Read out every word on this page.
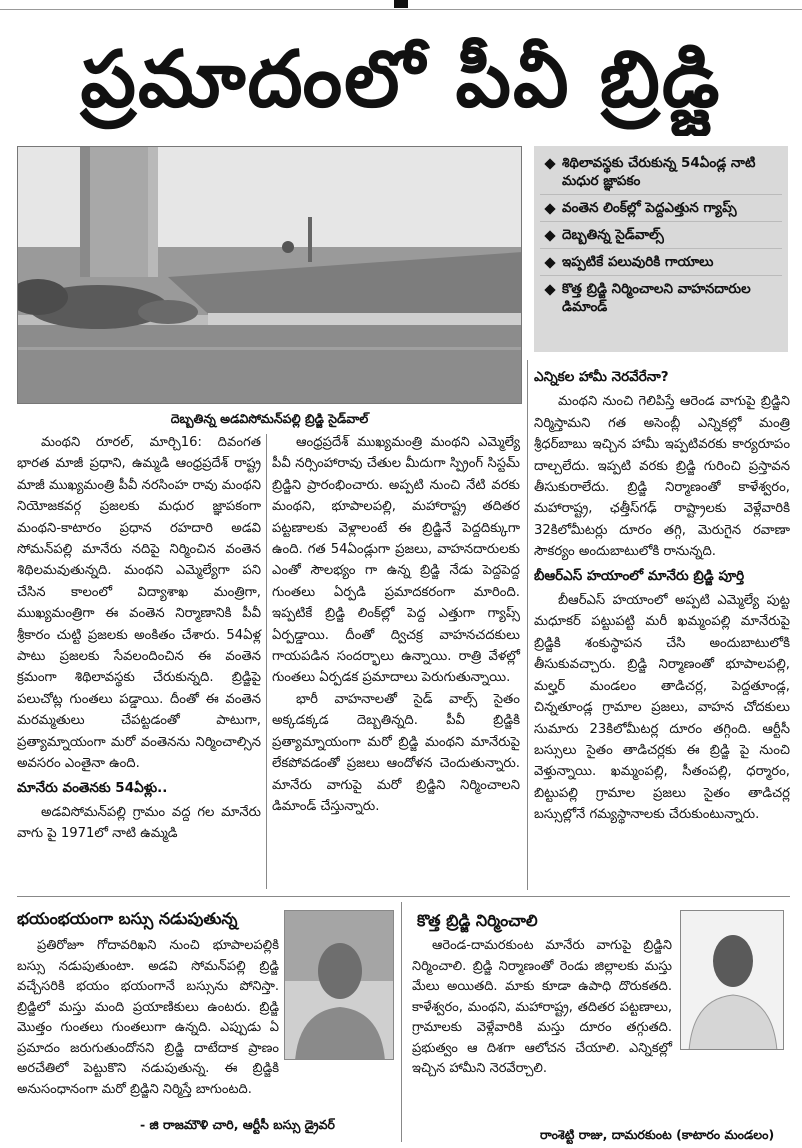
ప్రమాదంలో పీవీ బ్రిడ్జి
దెబ్బతిన్న అడవిసోమన్‌పల్లి బ్రిడ్జి సైడ్‌వాల్
శిథిలావస్థకు చేరుకున్న 54ఏండ్ల నాటి మధుర జ్ఞాపకం
వంతెన లింక్‌ల్లో పెద్దఎత్తున గ్యాప్స్
దెబ్బతిన్న సైడ్‌వాల్స్
ఇప్పటికే పలువురికి గాయాలు
కొత్త బ్రిడ్జి నిర్మించాలని వాహనదారుల డిమాండ్

మంథని రూరల్, మార్చి16: దివంగత భారత మాజీ ప్రధాని, ఉమ్మడి ఆంధ్రప్రదేశ్ రాష్ట్ర మాజీ ముఖ్యమంత్రి పీవీ నరసింహ రావు మంథని నియోజకవర్గ ప్రజలకు మధుర జ్ఞాపకంగా మంథని-కాటారం ప్రధాన రహదారి అడవి సోమన్‌పల్లి మానేరు నదిపై నిర్మించిన వంతెన శిథిలమవుతున్నది. మంథని ఎమ్మెల్యేగా పని చేసిన కాలంలో విద్యాశాఖ మంత్రిగా, ముఖ్యమంత్రిగా ఈ వంతెన నిర్మాణానికి పీవీ శ్రీకారం చుట్టి ప్రజలకు అంకితం చేశారు. 54ఏళ్ల పాటు ప్రజలకు సేవలందించిన ఈ వంతెన క్రమంగా శిథిలావస్థకు చేరుకున్నది. బ్రిడ్జిపై పలుచోట్ల గుంతలు పడ్డాయి. దీంతో ఈ వంతెన మరమ్మతులు చేపట్టడంతో పాటుగా, ప్రత్యామ్నాయంగా మరో వంతెనను నిర్మించాల్సిన అవసరం ఎంతైనా ఉంది.

మానేరు వంతెనకు 54ఏళ్లు..

అడవిసోమన్‌పల్లి గ్రామం వద్ద గల మానేరు వాగు పై 1971లో నాటి ఉమ్మడి

ఆంధ్రప్రదేశ్ ముఖ్యమంత్రి మంథని ఎమ్మెల్యే పీవీ నర్సింహారావు చేతుల మీదుగా స్ప్రింగ్ సిస్టమ్ బ్రిడ్జిని ప్రారంభించారు. అప్పటి నుంచి నేటి వరకు మంథని, భూపాలపల్లి, మహారాష్ట్ర తదితర పట్టణాలకు వెళ్లాలంటే ఈ బ్రిడ్జినే పెద్దదిక్కుగా ఉంది. గత 54ఏండ్లుగా ప్రజలు, వాహనదారులకు ఎంతో సౌలభ్యం గా ఉన్న బ్రిడ్జి నేడు పెద్దపెద్ద గుంతలు ఏర్పడి ప్రమాదకరంగా మారింది. ఇప్పటికే బ్రిడ్జి లింక్‌ల్లో పెద్ద ఎత్తుగా గ్యాప్స్ ఏర్పడ్డాయి. దీంతో ద్విచక్ర వాహనచదకులు గాయపడిన సందర్భాలు ఉన్నాయి. రాత్రి వేళల్లో గుంతలు ఏర్పడక ప్రమాదాలు పెరుగుతున్నాయి.

భారీ వాహనాలతో సైడ్ వాల్స్ సైతం అక్కడక్కడ దెబ్బతిన్నది. పీవీ బ్రిడ్జికి ప్రత్యామ్నాయంగా మరో బ్రిడ్జి మంథని మానేరుపై లేకపోవడంతో ప్రజలు ఆందోళన చెందుతున్నారు. మానేరు వాగుపై మరో బ్రిడ్జిని నిర్మించాలని డిమాండ్ చేస్తున్నారు.

ఎన్నికల హామీ నెరవేరేనా?

మంథని నుంచి గెలిపిస్తే ఆరెండ వాగుపై బ్రిడ్జిని నిర్మిస్తామని గత అసెంబ్లీ ఎన్నికల్లో మంత్రి శ్రీధర్‌బాబు ఇచ్చిన హామీ ఇప్పటివరకు కార్యరూపం దాల్చలేదు. ఇప్పటి వరకు బ్రిడ్జి గురించి ప్రస్తావన తీసుకురాలేదు. బ్రిడ్జి నిర్మాణంతో కాళేశ్వరం, మహారాష్ట్ర, ఛత్తీస్‌గఢ్ రాష్ట్రాలకు వెళ్లేవారికి 32కిలోమీటర్లు దూరం తగ్గి, మెరుగైన రవాణా సౌకర్యం అందుబాటులోకి రానున్నది.

బీఆర్ఎస్ హయాంలో మానేరు బ్రిడ్జి పూర్తి

బీఆర్ఎస్ హయాంలో అప్పటి ఎమ్మెల్యే పుట్ట మధూకర్ పట్టుపట్టి మరీ ఖమ్మంపల్లి మానేరుపై బ్రిడ్జికి శంకుస్థాపన చేసి అందుబాటులోకి తీసుకువచ్చారు. బ్రిడ్జి నిర్మాణంతో భూపాలపల్లి, మల్హర్ మండలం తాడిచర్ల, పెద్దతూండ్ల, చిన్నతూండ్ల గ్రామాల ప్రజలు, వాహన చోదకులు సుమారు 23కిలోమీటర్ల దూరం తగ్గింది. ఆర్టీసీ బస్సులు సైతం తాడిచర్లకు ఈ బ్రిడ్జి పై నుంచి వెళ్తున్నాయి. ఖమ్మంపల్లి, సీతంపల్లి, ధర్మారం, బిట్టుపల్లి గ్రామాల ప్రజలు సైతం తాడిచర్ల బస్సుల్లోనే గమ్యస్థానాలకు చేరుకుంటున్నారు.

భయంభయంగా బస్సు నడుపుతున్న

ప్రతిరోజూ గోదావరిఖని నుంచి భూపాలపల్లికి బస్సు నడుపుతుంటా. అడవి సోమన్‌పల్లి బ్రిడ్జి వచ్చేసరికి భయం భయంగానే బస్సును పోనిస్తా. బ్రిడ్జిలో మస్తు మంది ప్రయాణికులు ఉంటరు. బ్రిడ్జి మొత్తం గుంతలు గుంతలుగా ఉన్నది. ఎప్పుడు ఏ ప్రమాదం జరుగుతుందోనని బ్రిడ్జి దాటేదాక ప్రాణం అరచేతిలో పెట్టుకొని నడుపుతున్న. ఈ బ్రిడ్జికి అనుసంధానంగా మరో బ్రిడ్జిని నిర్మిస్తే బాగుంటది.

- జి రాజమౌళి చారి, ఆర్టీసీ బస్సు డ్రైవర్
కొత్త బ్రిడ్జి నిర్మించాలి

ఆరెండ-దామరకుంట మానేరు వాగుపై బ్రిడ్జిని నిర్మించాలి. బ్రిడ్జి నిర్మాణంతో రెండు జిల్లాలకు మస్తు మేలు అయితది. మాకు కూడా ఉపాధి దొరుకతది. కాళేశ్వరం, మంథని, మహారాష్ట్ర, తదితర పట్టణాలు, గ్రామాలకు వెళ్లేవారికి మస్తు దూరం తగ్గుతది. ప్రభుత్వం ఆ దిశగా ఆలోచన చేయాలి. ఎన్నికల్లో ఇచ్చిన హామీని నెరవేర్చాలి.

రాంశెట్టి రాజు, దామరకుంట (కాటారం మండలం)
